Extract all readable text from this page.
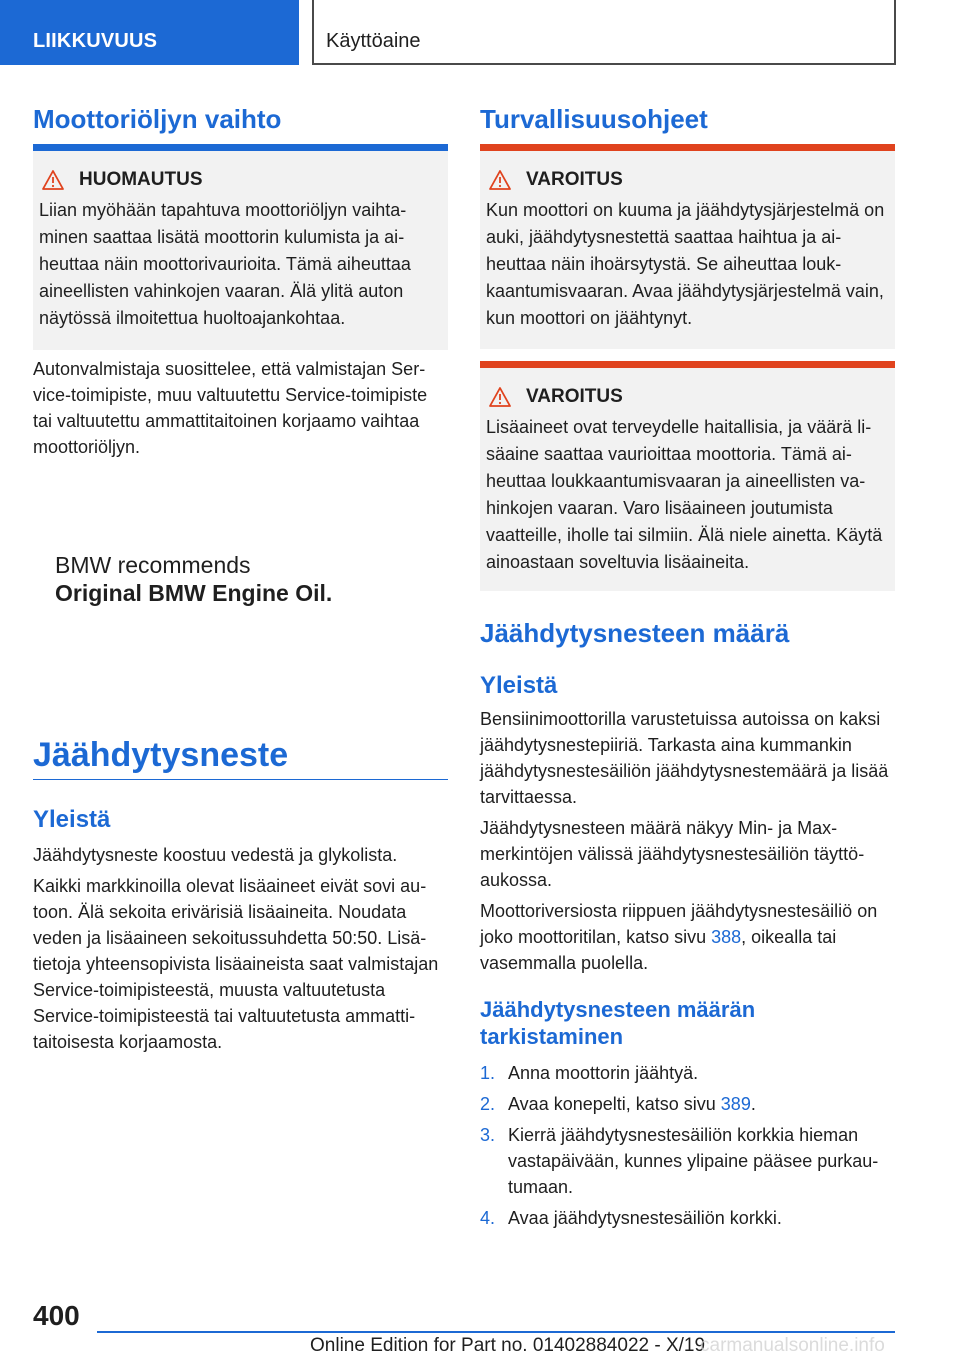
LIIKKUVUUS	Käyttöaine
Moottoriöljyn vaihto
HUOMAUTUS
Liian myöhään tapahtuva moottoriöljyn vaihtaminen saattaa lisätä moottorin kulumista ja aiheuttaa näin moottorivaurioita. Tämä aiheuttaa aineellisten vahinkojen vaaran. Älä ylitä auton näytössä ilmoitettua huoltoajankohtaa.

Autonvalmistaja suosittelee, että valmistajan Service-toimipiste, muu valtuutettu Service-toimipiste tai valtuutettu ammattitaitoinen korjaamo vaihtaa moottoriöljyn.

BMW recommends
Original BMW Engine Oil.
Jäähdytysneste
Yleistä

Jäähdytysneste koostuu vedestä ja glykolista.

Kaikki markkinoilla olevat lisäaineet eivät sovi autoon. Älä sekoita erivärisiä lisäaineita. Noudata veden ja lisäaineen sekoitussuhdetta 50:50. Lisätietoja yhteensopivista lisäaineista saat valmistajan Service-toimipisteestä, muusta valtuutetusta Service-toimipisteestä tai valtuutetusta ammattitaitoisesta korjaamosta.

Turvallisuusohjeet
VAROITUS
Kun moottori on kuuma ja jäähdytysjärjestelmä on auki, jäähdytysnestettä saattaa haihtua ja aiheuttaa näin ihoärsytystä. Se aiheuttaa loukkaantumisvaaran. Avaa jäähdytysjärjestelmä vain, kun moottori on jäähtynyt.
VAROITUS
Lisäaineet ovat terveydelle haitallisia, ja väärä lisäaine saattaa vaurioittaa moottoria. Tämä aiheuttaa loukkaantumisvaaran ja aineellisten vahinkojen vaaran. Varo lisäaineen joutumista vaatteille, iholle tai silmiin. Älä niele ainetta. Käytä ainoastaan soveltuvia lisäaineita.
Jäähdytysnesteen määrä
Yleistä

Bensiinimoottorilla varustetuissa autoissa on kaksi jäähdytysnestepiiriä. Tarkasta aina kummankin jäähdytysnestesäiliön jäähdytysnestemäärä ja lisää tarvittaessa.

Jäähdytysnesteen määrä näkyy Min- ja Max-merkintöjen välissä jäähdytysnestesäiliön täyttöaukossa.

Moottoriversiosta riippuen jäähdytysnestesäiliö on joko moottoritilan, katso sivu 388, oikealla tai vasemmalla puolella.

Jäähdytysnesteen määrän tarkistaminen
1. Anna moottorin jäähtyä.
2. Avaa konepelti, katso sivu 389.
3. Kierrä jäähdytysnestesäiliön korkkia hieman vastapäivään, kunnes ylipaine pääsee purkautumaan.
4. Avaa jäähdytysnestesäiliön korkki.
400
Online Edition for Part no. 01402884022 - X/19
carmanualsonline.info
